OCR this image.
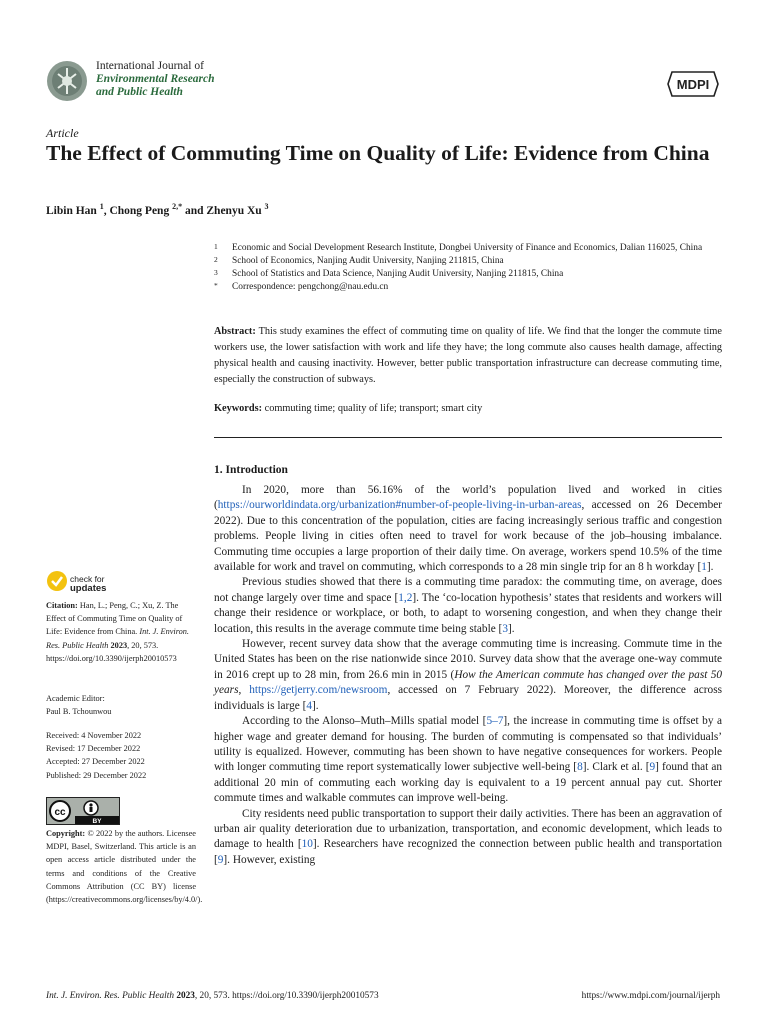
International Journal of
Environmental Research
and Public Health	MDPI
Article
The Effect of Commuting Time on Quality of Life: Evidence from China
Libin Han $^1$, Chong Peng $^{2,*}$ and Zhenyu Xu $^3$
1 Economic and Social Development Research Institute, Dongbei University of Finance and Economics, Dalian 116025, China
2 School of Economics, Nanjing Audit University, Nanjing 211815, China
3 School of Statistics and Data Science, Nanjing Audit University, Nanjing 211815, China
* Correspondence: pengchong@nau.edu.cn
Abstract: This study examines the effect of commuting time on quality of life. We find that the longer the commute time workers use, the lower satisfaction with work and life they have; the long commute also causes health damage, affecting physical health and causing inactivity. However, better public transportation infrastructure can decrease commuting time, especially the construction of subways.
Keywords: commuting time; quality of life; transport; smart city
1. Introduction

In 2020, more than 56.16% of the world’s population lived and worked in cities (https://ourworldindata.org/urbanization#number-of-people-living-in-urban-areas, accessed on 26 December 2022). Due to this concentration of the population, cities are facing increasingly serious traffic and congestion problems. People living in cities often need to travel for work because of the job–housing imbalance. Commuting time occupies a large proportion of their daily time. On average, workers spend 10.5% of the time available for work and travel on commuting, which corresponds to a 28 min single trip for an 8 h workday [1].

Previous studies showed that there is a commuting time paradox: the commuting time, on average, does not change largely over time and space [1,2]. The ‘co-location hypothesis’ states that residents and workers will change their residence or workplace, or both, to adapt to worsening congestion, and when they change their location, this results in the average commute time being stable [3].

However, recent survey data show that the average commuting time is increasing. Commute time in the United States has been on the rise nationwide since 2010. Survey data show that the average one-way commute in 2016 crept up to 28 min, from 26.6 min in 2015 (How the American commute has changed over the past 50 years, https://getjerry.com/newsroom, accessed on 7 February 2022). Moreover, the difference across individuals is large [4].

According to the Alonso–Muth–Mills spatial model [5–7], the increase in commuting time is offset by a higher wage and greater demand for housing. The burden of commuting is compensated so that individuals’ utility is equalized. However, commuting has been shown to have negative consequences for workers. People with longer commuting time report systematically lower subjective well-being [8]. Clark et al. [9] found that an additional 20 min of commuting each working day is equivalent to a 19 percent annual pay cut. Shorter commute times and walkable commutes can improve well-being.

City residents need public transportation to support their daily activities. There has been an aggravation of urban air quality deterioration due to urbanization, transportation, and economic development, which leads to damage to health [10]. Researchers have recognized the connection between public health and transportation [9]. However, existing

check for
updates
Citation: Han, L.; Peng, C.; Xu, Z. The Effect of Commuting Time on Quality of Life: Evidence from China. Int. J. Environ. Res. Public Health 2023, 20, 573. https://doi.org/10.3390/ijerph20010573
Academic Editor:
Paul B. Tchounwou
Received: 4 November 2022
Revised: 17 December 2022
Accepted: 27 December 2022
Published: 29 December 2022
cc
BY
Copyright: © 2022 by the authors. Licensee MDPI, Basel, Switzerland. This article is an open access article distributed under the terms and conditions of the Creative Commons Attribution (CC BY) license (https://creativecommons.org/licenses/by/4.0/).
Int. J. Environ. Res. Public Health 2023, 20, 573. https://doi.org/10.3390/ijerph20010573	https://www.mdpi.com/journal/ijerph
